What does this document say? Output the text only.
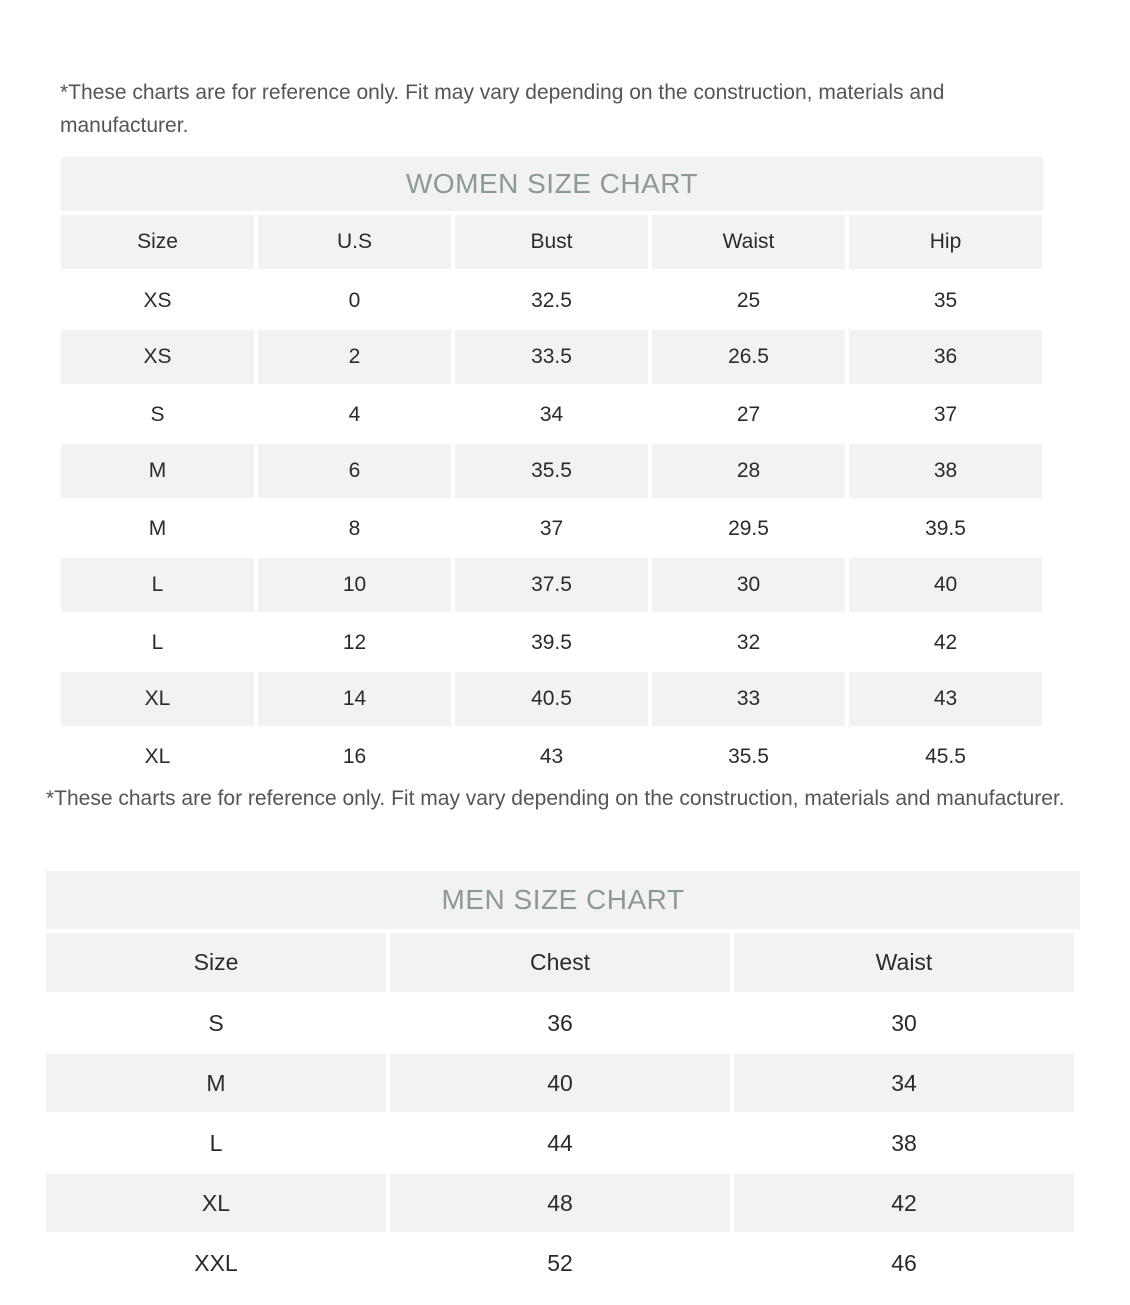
*These charts are for reference only. Fit may vary depending on the construction, materials and manufacturer.
WOMEN SIZE CHART
Size	U.S	Bust	Waist	Hip
XS	0	32.5	25	35
XS	2	33.5	26.5	36
S	4	34	27	37
M	6	35.5	28	38
M	8	37	29.5	39.5
L	10	37.5	30	40
L	12	39.5	32	42
XL	14	40.5	33	43
XL	16	43	35.5	45.5
*These charts are for reference only. Fit may vary depending on the construction, materials and manufacturer.
MEN SIZE CHART
Size	Chest	Waist
S	36	30
M	40	34
L	44	38
XL	48	42
XXL	52	46
